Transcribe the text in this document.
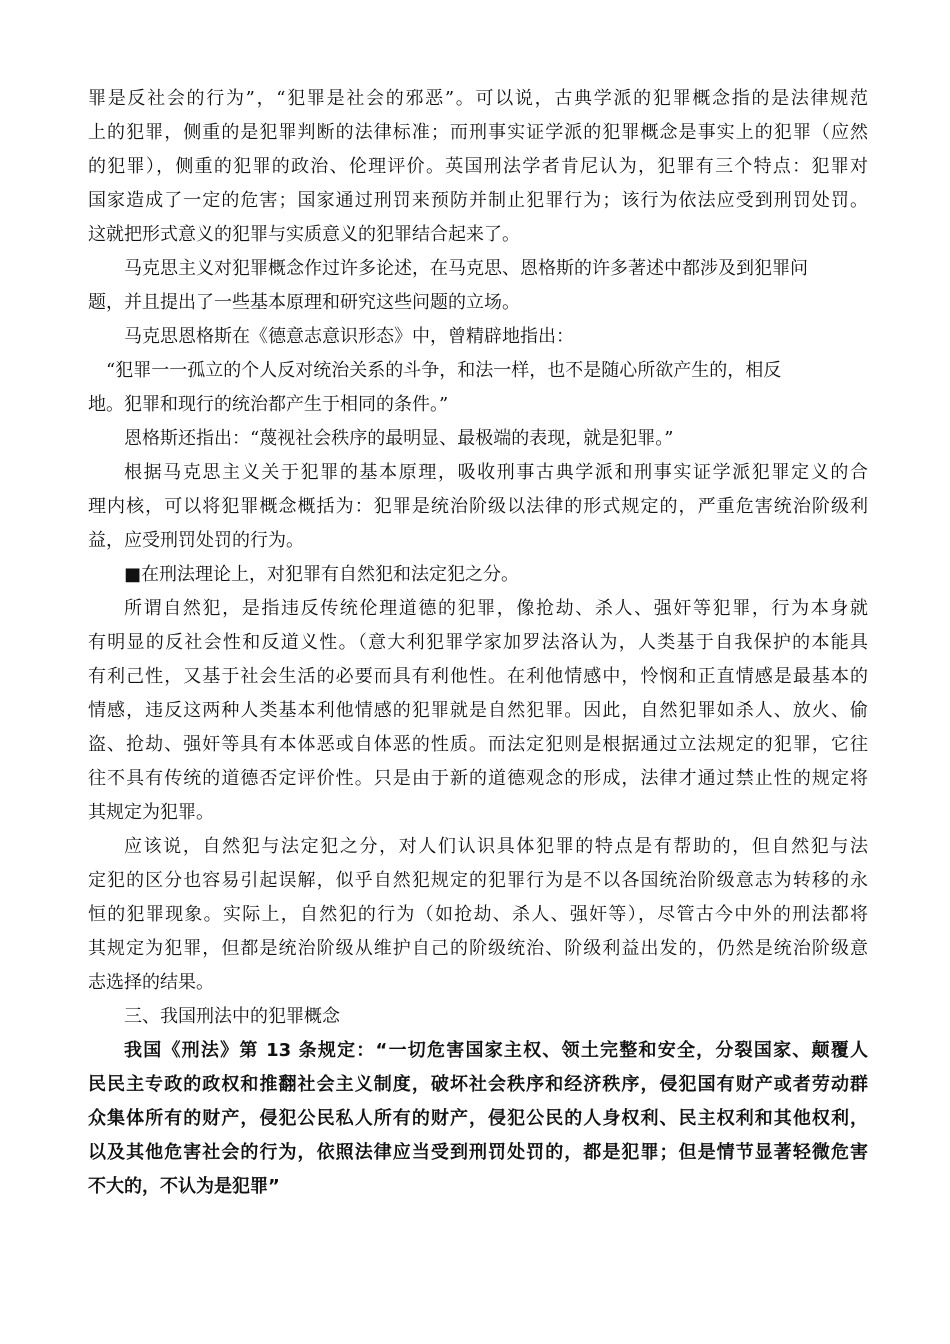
罪是反社会的行为”，“犯罪是社会的邪恶”。可以说，古典学派的犯罪概念指的是法律规范
上的犯罪，侧重的是犯罪判断的法律标准；而刑事实证学派的犯罪概念是事实上的犯罪（应然
的犯罪），侧重的犯罪的政治、伦理评价。英国刑法学者肯尼认为，犯罪有三个特点：犯罪对
国家造成了一定的危害；国家通过刑罚来预防并制止犯罪行为；该行为依法应受到刑罚处罚。
这就把形式意义的犯罪与实质意义的犯罪结合起来了。
马克思主义对犯罪概念作过许多论述，在马克思、恩格斯的许多著述中都涉及到犯罪问
题，并且提出了一些基本原理和研究这些问题的立场。
马克思恩格斯在《德意志意识形态》中，曾精辟地指出：
“犯罪一一孤立的个人反对统治关系的斗争，和法一样，也不是随心所欲产生的，相反
地。犯罪和现行的统治都产生于相同的条件。”
恩格斯还指出：“蔑视社会秩序的最明显、最极端的表现，就是犯罪。”
根据马克思主义关于犯罪的基本原理，吸收刑事古典学派和刑事实证学派犯罪定义的合
理内核，可以将犯罪概念概括为：犯罪是统治阶级以法律的形式规定的，严重危害统治阶级利
益，应受刑罚处罚的行为。
■在刑法理论上，对犯罪有自然犯和法定犯之分。
所谓自然犯，是指违反传统伦理道德的犯罪，像抢劫、杀人、强奸等犯罪，行为本身就
有明显的反社会性和反道义性。（意大利犯罪学家加罗法洛认为，人类基于自我保护的本能具
有利己性，又基于社会生活的必要而具有利他性。在利他情感中，怜悯和正直情感是最基本的
情感，违反这两种人类基本利他情感的犯罪就是自然犯罪。因此，自然犯罪如杀人、放火、偷
盗、抢劫、强奸等具有本体恶或自体恶的性质。而法定犯则是根据通过立法规定的犯罪，它往
往不具有传统的道德否定评价性。只是由于新的道德观念的形成，法律才通过禁止性的规定将
其规定为犯罪。
应该说，自然犯与法定犯之分，对人们认识具体犯罪的特点是有帮助的，但自然犯与法
定犯的区分也容易引起误解，似乎自然犯规定的犯罪行为是不以各国统治阶级意志为转移的永
恒的犯罪现象。实际上，自然犯的行为（如抢劫、杀人、强奸等），尽管古今中外的刑法都将
其规定为犯罪，但都是统治阶级从维护自己的阶级统治、阶级利益出发的，仍然是统治阶级意
志选择的结果。
三、我国刑法中的犯罪概念
我国《刑法》第 13 条规定：“一切危害国家主权、领土完整和安全，分裂国家、颠覆人
民民主专政的政权和推翻社会主义制度，破坏社会秩序和经济秩序，侵犯国有财产或者劳动群
众集体所有的财产，侵犯公民私人所有的财产，侵犯公民的人身权利、民主权利和其他权利，
以及其他危害社会的行为，依照法律应当受到刑罚处罚的，都是犯罪；但是情节显著轻微危害
不大的，不认为是犯罪”
